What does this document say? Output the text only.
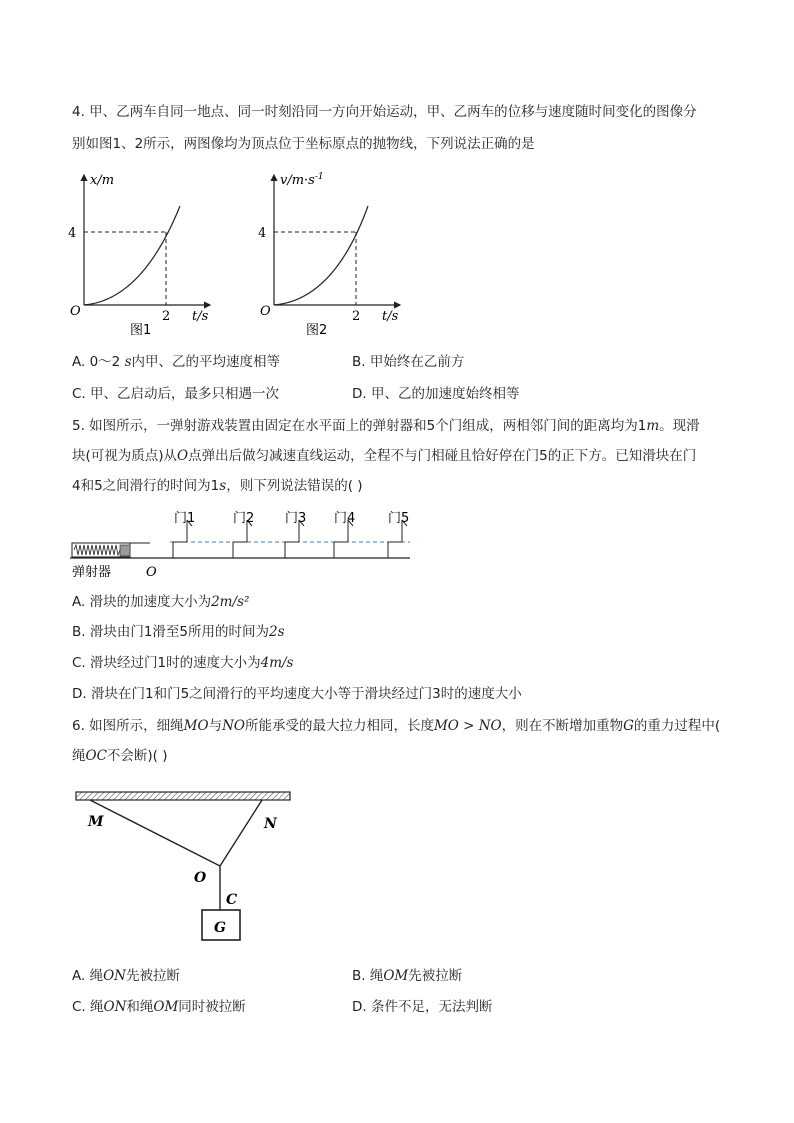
4. 甲、乙两车自同一地点、同一时刻沿同一方向开始运动，甲、乙两车的位移与速度随时间变化的图像分
别如图1、2所示，两图像均为顶点位于坐标原点的抛物线，下列说法正确的是
x/m
4
O	2 t/s
图1
$v/m\cdot s^{-1}$
4
O	2 t/s
图2
A. 0～2 s内甲、乙的平均速度相等	B. 甲始终在乙前方
C. 甲、乙启动后，最多只相遇一次	D. 甲、乙的加速度始终相等
5. 如图所示，一弹射游戏装置由固定在水平面上的弹射器和5个门组成，两相邻门间的距离均为1m。现滑
块(可视为质点)从O点弹出后做匀减速直线运动，全程不与门相碰且恰好停在门5的正下方。已知滑块在门
4和5之间滑行的时间为1s，则下列说法错误的( )
门1	门2 门3 门4	门5
弹射器	O
A. 滑块的加速度大小为2m/s²
B. 滑块由门1滑至5所用的时间为2s
C. 滑块经过门1时的速度大小为4m/s
D. 滑块在门1和门5之间滑行的平均速度大小等于滑块经过门3时的速度大小
6. 如图所示，细绳MO与NO所能承受的最大拉力相同，长度MO > NO，则在不断增加重物G的重力过程中(
绳OC不会断)( )
M	N
O
C
G
A. 绳ON先被拉断	B. 绳OM先被拉断
C. 绳ON和绳OM同时被拉断	D. 条件不足，无法判断
